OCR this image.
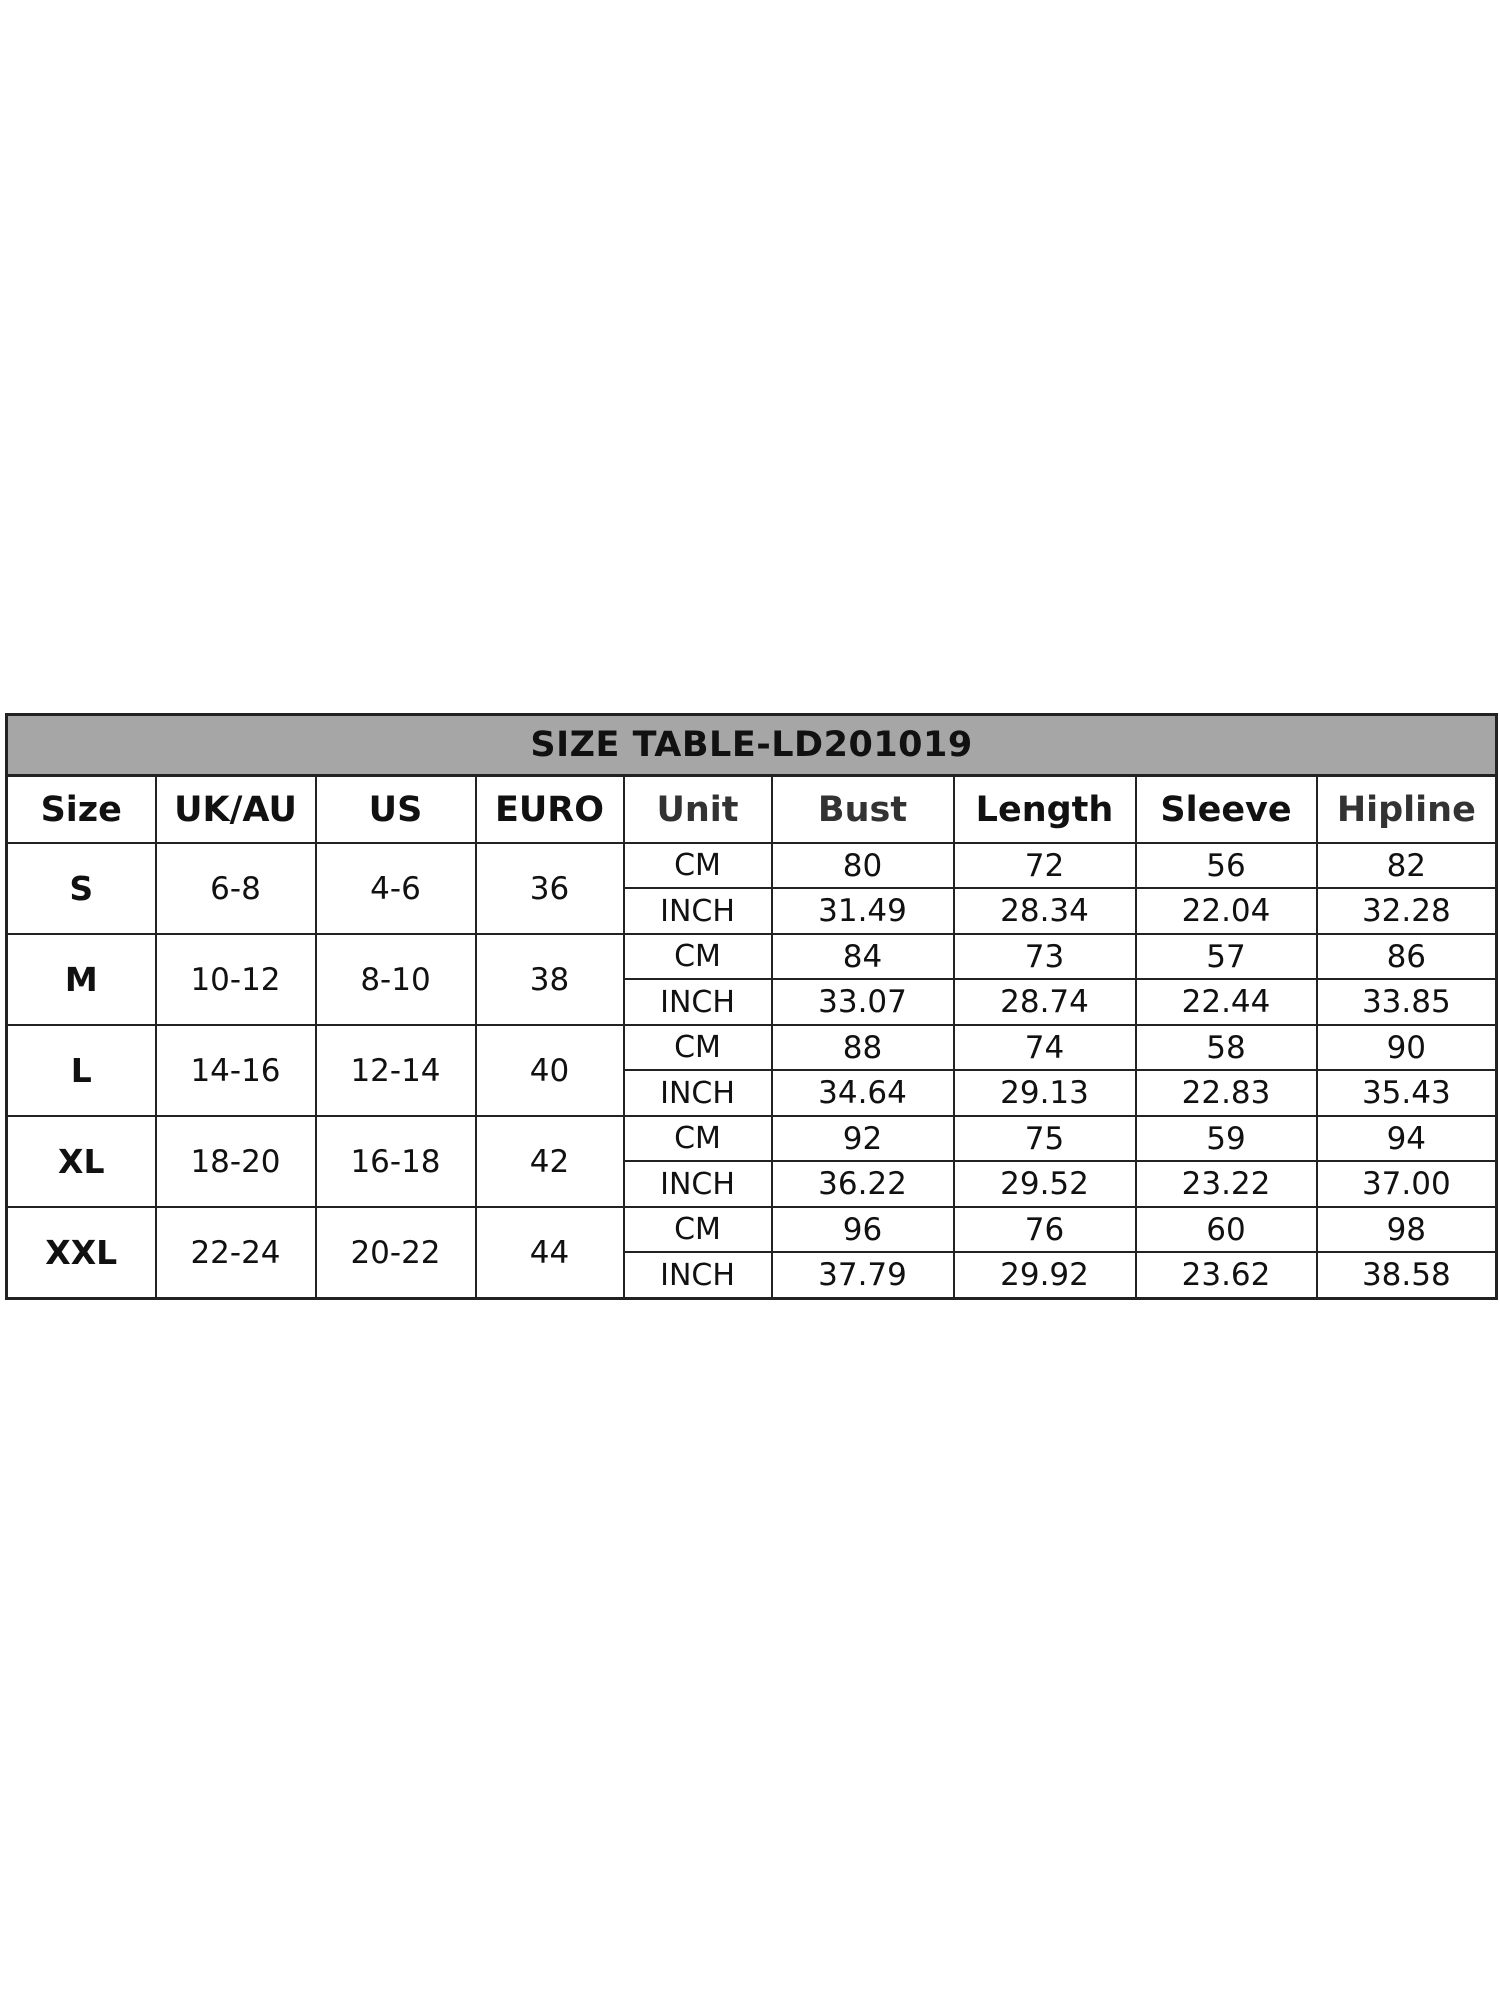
SIZE TABLE-LD201019								
Size	UK/AU	US	EURO	Unit	Bust	Length	Sleeve	Hipline
S	6-8	4-6	36	CM	80	72	56	82
				INCH	31.49	28.34	22.04	32.28
M	10-12	8-10	38	CM	84	73	57	86
				INCH	33.07	28.74	22.44	33.85
L	14-16	12-14	40	CM	88	74	58	90
				INCH	34.64	29.13	22.83	35.43
XL	18-20	16-18	42	CM	92	75	59	94
				INCH	36.22	29.52	23.22	37.00
XXL	22-24	20-22	44	CM	96	76	60	98
				INCH	37.79	29.92	23.62	38.58
